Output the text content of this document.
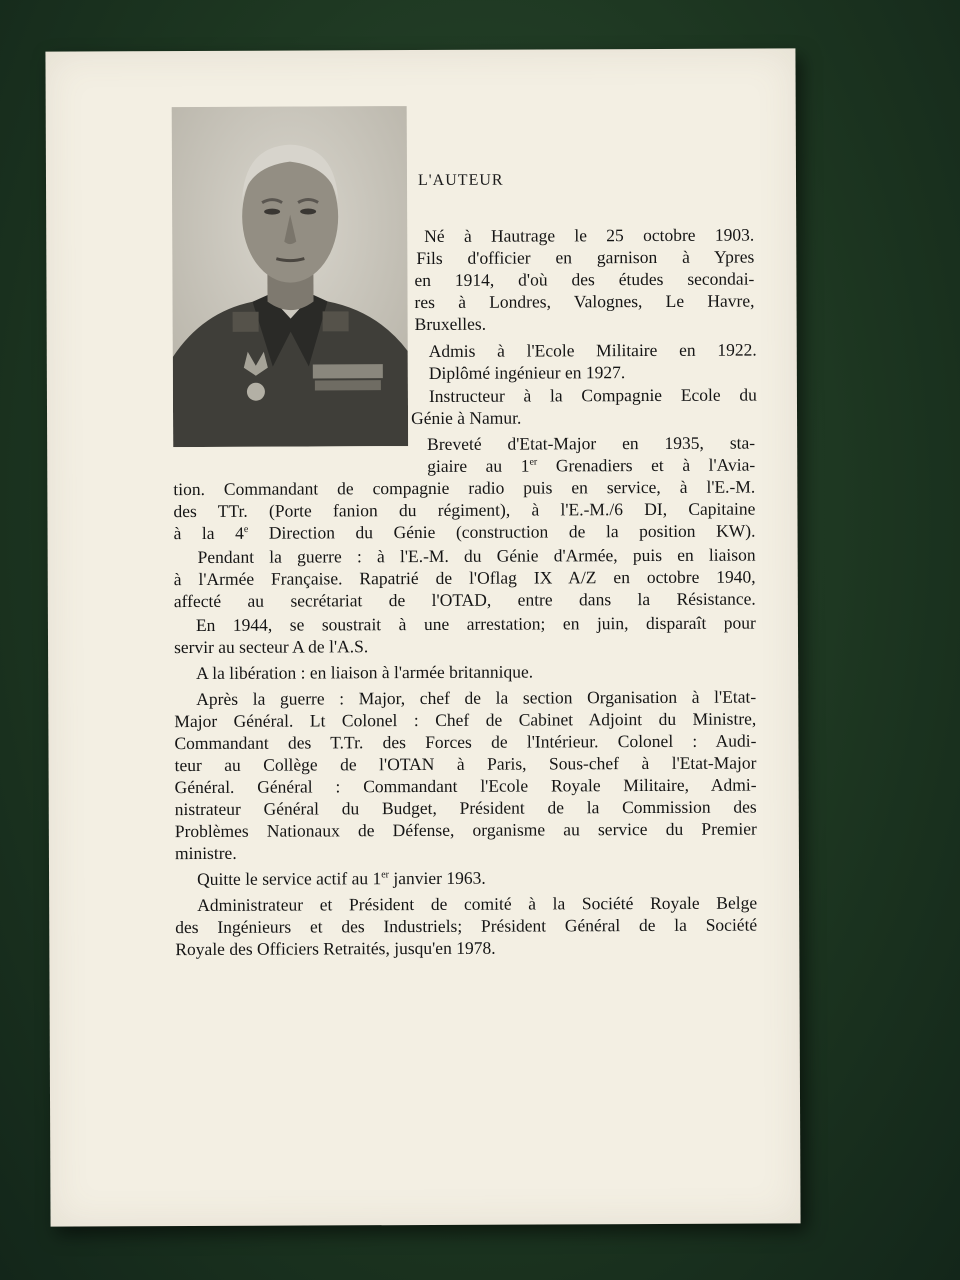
L'AUTEUR
Né à Hautrage le 25 octobre 1903.
Fils d'officier en garnison à Ypres
en 1914, d'où des études secondai-
res à Londres, Valognes, Le Havre,
Bruxelles.
Admis à l'Ecole Militaire en 1922.
Diplômé ingénieur en 1927.
Instructeur à la Compagnie Ecole du
Génie à Namur.
Breveté d'Etat-Major en 1935, sta-
giaire au 1er Grenadiers et à l'Avia-
tion. Commandant de compagnie radio puis en service, à l'E.-M.
des TTr. (Porte fanion du régiment), à l'E.-M./6 DI, Capitaine
à la 4e Direction du Génie (construction de la position KW).
Pendant la guerre : à l'E.-M. du Génie d'Armée, puis en liaison
à l'Armée Française. Rapatrié de l'Oflag IX A/Z en octobre 1940,
affecté au secrétariat de l'OTAD, entre dans la Résistance.
En 1944, se soustrait à une arrestation; en juin, disparaît pour
servir au secteur A de l'A.S.
A la libération : en liaison à l'armée britannique.
Après la guerre : Major, chef de la section Organisation à l'Etat-
Major Général. Lt Colonel : Chef de Cabinet Adjoint du Ministre,
Commandant des T.Tr. des Forces de l'Intérieur. Colonel : Audi-
teur au Collège de l'OTAN à Paris, Sous-chef à l'Etat-Major
Général. Général : Commandant l'Ecole Royale Militaire, Admi-
nistrateur Général du Budget, Président de la Commission des
Problèmes Nationaux de Défense, organisme au service du Premier
ministre.
Quitte le service actif au 1er janvier 1963.
Administrateur et Président de comité à la Société Royale Belge
des Ingénieurs et des Industriels; Président Général de la Société
Royale des Officiers Retraités, jusqu'en 1978.
